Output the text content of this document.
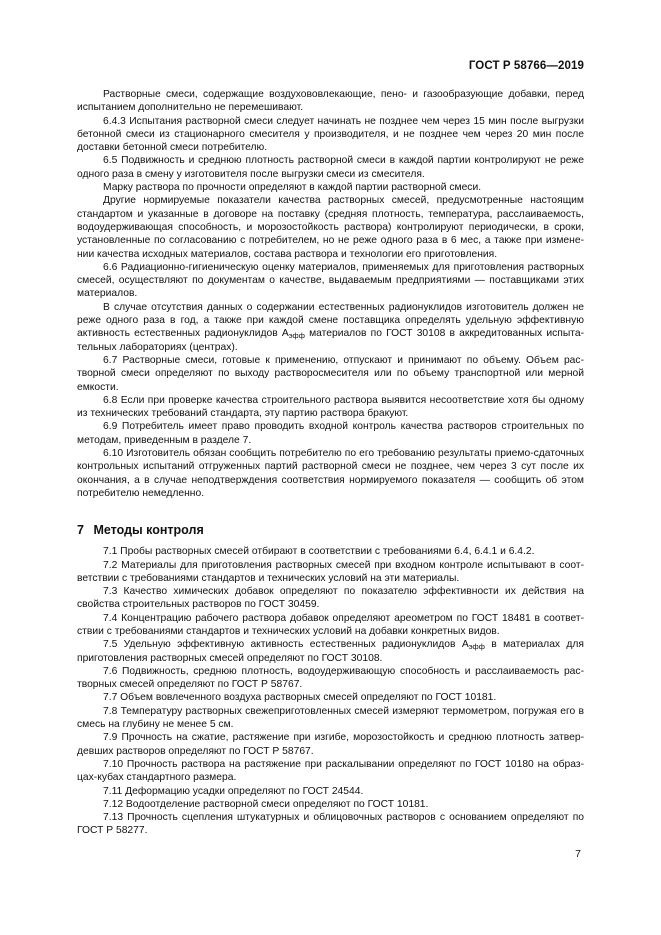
ГОСТ Р 58766—2019

Растворные смеси, содержащие воздухововлекающие, пено- и газообразующие добавки, перед испытанием дополнительно не перемешивают.

6.4.3 Испытания растворной смеси следует начинать не позднее чем через 15 мин после выгрузки бетонной смеси из стационарного смесителя у производителя, и не позднее чем через 20 мин после доставки бетонной смеси потребителю.

6.5 Подвижность и среднюю плотность растворной смеси в каждой партии контролируют не реже одного раза в смену у изготовителя после выгрузки смеси из смесителя.

Марку раствора по прочности определяют в каждой партии растворной смеси.

Другие нормируемые показатели качества растворных смесей, предусмотренные настоящим стандартом и указанные в договоре на поставку (средняя плотность, температура, расслаиваемость, водоудерживающая способность, и морозостойкость раствора) контролируют периодически, в сроки, установленные по согласованию с потребителем, но не реже одного раза в 6 мес, а также при изменении качества исходных материалов, состава раствора и технологии его приготовления.

6.6 Радиационно-гигиеническую оценку материалов, применяемых для приготовления растворных смесей, осуществляют по документам о качестве, выдаваемым предприятиями — поставщиками этих материалов.

В случае отсутствия данных о содержании естественных радионуклидов изготовитель должен не реже одного раза в год, а также при каждой смене поставщика определять удельную эффективную активность естественных радионуклидов Аэфф материалов по ГОСТ 30108 в аккредитованных испытательных лабораториях (центрах).

6.7 Растворные смеси, готовые к применению, отпускают и принимают по объему. Объем растворной смеси определяют по выходу растворосмесителя или по объему транспортной или мерной емкости.

6.8 Если при проверке качества строительного раствора выявится несоответствие хотя бы одному из технических требований стандарта, эту партию раствора бракуют.

6.9 Потребитель имеет право проводить входной контроль качества растворов строительных по методам, приведенным в разделе 7.

6.10 Изготовитель обязан сообщить потребителю по его требованию результаты приемо-сдаточных контрольных испытаний отгруженных партий растворной смеси не позднее, чем через 3 сут после их окончания, а в случае неподтверждения соответствия нормируемого показателя — сообщить об этом потребителю немедленно.

7 Методы контроля

7.1 Пробы растворных смесей отбирают в соответствии с требованиями 6.4, 6.4.1 и 6.4.2.

7.2 Материалы для приготовления растворных смесей при входном контроле испытывают в соответствии с требованиями стандартов и технических условий на эти материалы.

7.3 Качество химических добавок определяют по показателю эффективности их действия на свойства строительных растворов по ГОСТ 30459.

7.4 Концентрацию рабочего раствора добавок определяют ареометром по ГОСТ 18481 в соответствии с требованиями стандартов и технических условий на добавки конкретных видов.

7.5 Удельную эффективную активность естественных радионуклидов Аэфф в материалах для приготовления растворных смесей определяют по ГОСТ 30108.

7.6 Подвижность, среднюю плотность, водоудерживающую способность и расслаиваемость растворных смесей определяют по ГОСТ Р 58767.

7.7 Объем вовлеченного воздуха растворных смесей определяют по ГОСТ 10181.

7.8 Температуру растворных свежеприготовленных смесей измеряют термометром, погружая его в смесь на глубину не менее 5 см.

7.9 Прочность на сжатие, растяжение при изгибе, морозостойкость и среднюю плотность затвердевших растворов определяют по ГОСТ Р 58767.

7.10 Прочность раствора на растяжение при раскалывании определяют по ГОСТ 10180 на образцах-кубах стандартного размера.

7.11 Деформацию усадки определяют по ГОСТ 24544.

7.12 Водоотделение растворной смеси определяют по ГОСТ 10181.

7.13 Прочность сцепления штукатурных и облицовочных растворов с основанием определяют по ГОСТ Р 58277.

7
